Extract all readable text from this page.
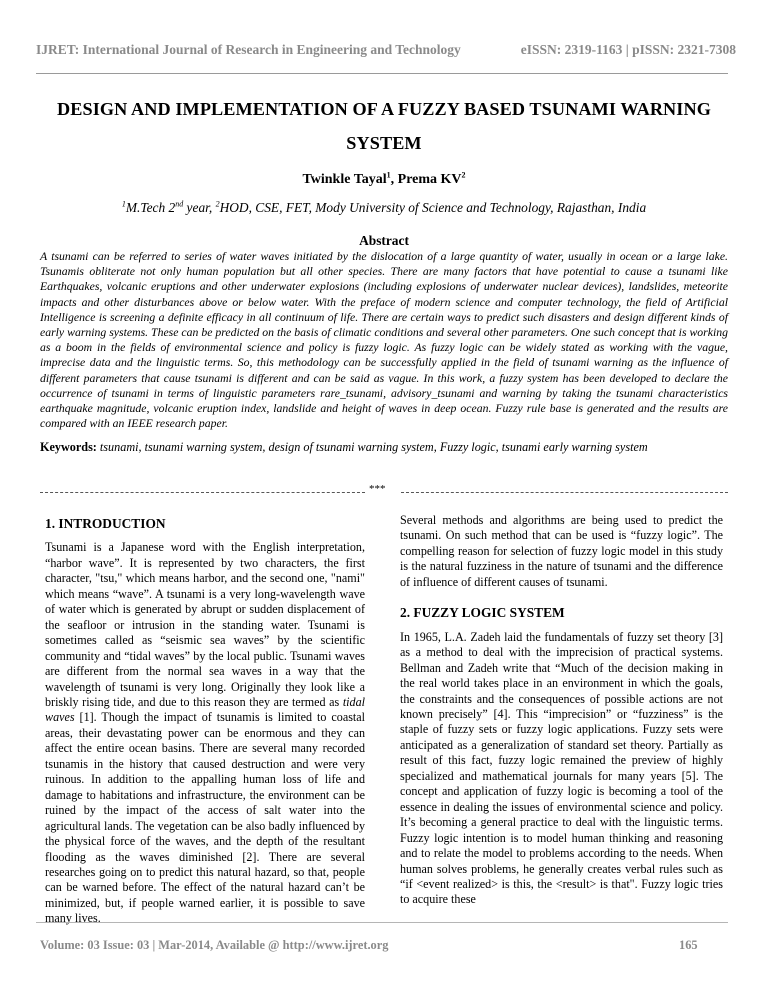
IJRET: International Journal of Research in Engineering and Technology	eISSN: 2319-1163 | pISSN: 2321-7308
DESIGN AND IMPLEMENTATION OF A FUZZY BASED TSUNAMI WARNING SYSTEM
Twinkle Tayal$^1$, Prema $KV^2$
$^1$M.Tech 2nd year, $^2$HOD, CSE, FET, Mody University of Science and Technology, Rajasthan, India
Abstract
A tsunami can be referred to series of water waves initiated by the dislocation of a large quantity of water, usually in ocean or a large lake. Tsunamis obliterate not only human population but all other species. There are many factors that have potential to cause a tsunami like Earthquakes, volcanic eruptions and other underwater explosions (including explosions of underwater nuclear devices), landslides, meteorite impacts and other disturbances above or below water. With the preface of modern science and computer technology, the field of Artificial Intelligence is screening a definite efficacy in all continuum of life. There are certain ways to predict such disasters and design different kinds of early warning systems. These can be predicted on the basis of climatic conditions and several other parameters. One such concept that is working as a boom in the fields of environmental science and policy is fuzzy logic. As fuzzy logic can be widely stated as working with the vague, imprecise data and the linguistic terms. So, this methodology can be successfully applied in the field of tsunami warning as the influence of different parameters that cause tsunami is different and can be said as vague. In this work, a fuzzy system has been developed to declare the occurrence of tsunami in terms of linguistic parameters rare_tsunami, advisory_tsunami and warning by taking the tsunami characteristics earthquake magnitude, volcanic eruption index, landslide and height of waves in deep ocean. Fuzzy rule base is generated and the results are compared with an IEEE research paper.
Keywords: tsunami, tsunami warning system, design of tsunami warning system, Fuzzy logic, tsunami early warning system
***
1. INTRODUCTION

Tsunami is a Japanese word with the English interpretation, “harbor wave”. It is represented by two characters, the first character, "tsu," which means harbor, and the second one, "nami" which means “wave”. A tsunami is a very long-wavelength wave of water which is generated by abrupt or sudden displacement of the seafloor or intrusion in the standing water. Tsunami is sometimes called as “seismic sea waves” by the scientific community and “tidal waves” by the local public. Tsunami waves are different from the normal sea waves in a way that the wavelength of tsunami is very long. Originally they look like a briskly rising tide, and due to this reason they are termed as tidal waves [1]. Though the impact of tsunamis is limited to coastal areas, their devastating power can be enormous and they can affect the entire ocean basins. There are several many recorded tsunamis in the history that caused destruction and were very ruinous. In addition to the appalling human loss of life and damage to habitations and infrastructure, the environment can be ruined by the impact of the access of salt water into the agricultural lands. The vegetation can be also badly influenced by the physical force of the waves, and the depth of the resultant flooding as the waves diminished [2]. There are several researches going on to predict this natural hazard, so that, people can be warned before. The effect of the natural hazard can’t be minimized, but, if people warned earlier, it is possible to save many lives.

Several methods and algorithms are being used to predict the tsunami. On such method that can be used is “fuzzy logic”. The compelling reason for selection of fuzzy logic model in this study is the natural fuzziness in the nature of tsunami and the difference of influence of different causes of tsunami.

2. FUZZY LOGIC SYSTEM

In 1965, L.A. Zadeh laid the fundamentals of fuzzy set theory [3] as a method to deal with the imprecision of practical systems. Bellman and Zadeh write that “Much of the decision making in the real world takes place in an environment in which the goals, the constraints and the consequences of possible actions are not known precisely” [4]. This “imprecision” or “fuzziness” is the staple of fuzzy sets or fuzzy logic applications. Fuzzy sets were anticipated as a generalization of standard set theory. Partially as result of this fact, fuzzy logic remained the preview of highly specialized and mathematical journals for many years [5]. The concept and application of fuzzy logic is becoming a tool of the essence in dealing the issues of environmental science and policy. It’s becoming a general practice to deal with the linguistic terms. Fuzzy logic intention is to model human thinking and reasoning and to relate the model to problems according to the needs. When human solves problems, he generally creates verbal rules such as “if <event realized> is this, the <result> is that". Fuzzy logic tries to acquire these

Volume: 03 Issue: 03 | Mar-2014, Available @ http://www.ijret.org	165
